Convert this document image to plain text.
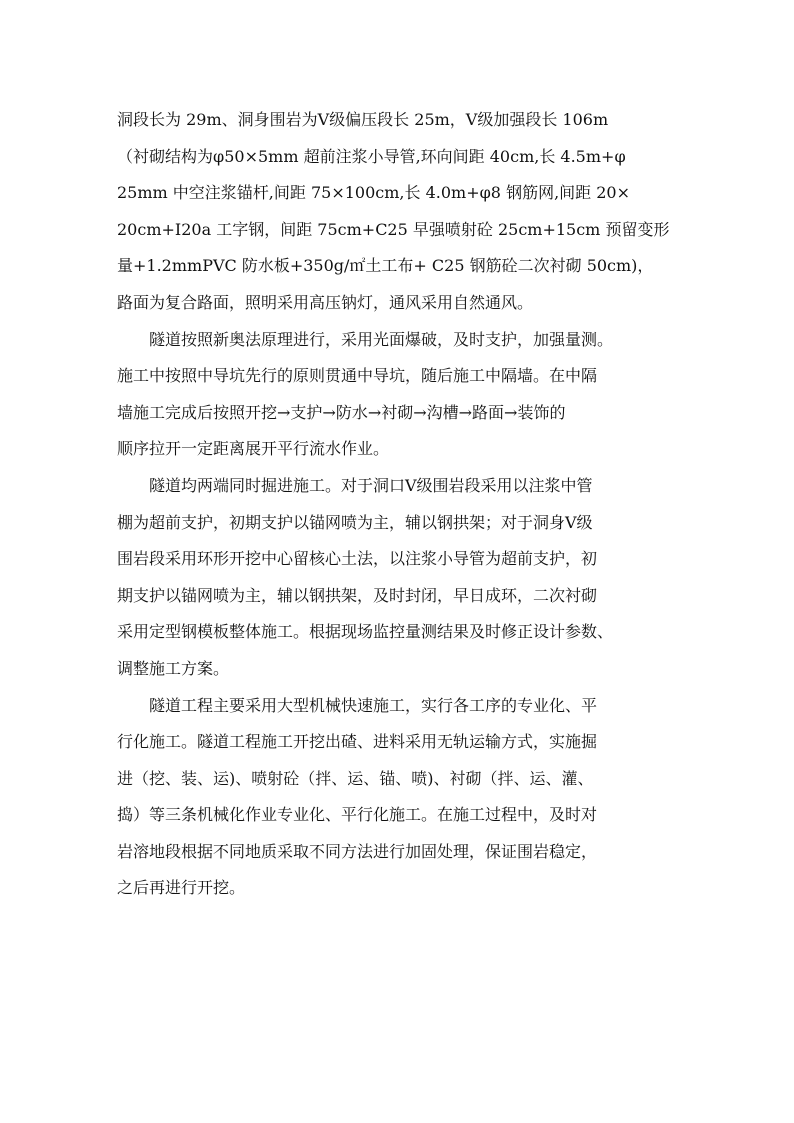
洞段长为 29m、洞身围岩为Ⅴ级偏压段长 25m，Ⅴ级加强段长 106m
（衬砌结构为φ50×5mm 超前注浆小导管,环向间距 40cm,长 4.5m+φ
25mm 中空注浆锚杆,间距 75×100cm,长 4.0m+φ8 钢筋网,间距 20×
20cm+I20a 工字钢，间距 75cm+C25 早强喷射砼 25cm+15cm 预留变形
量+1.2mmPVC 防水板+350g/㎡土工布+ C25 钢筋砼二次衬砌 50cm)，
路面为复合路面，照明采用高压钠灯，通风采用自然通风。
隧道按照新奥法原理进行，采用光面爆破，及时支护，加强量测。
施工中按照中导坑先行的原则贯通中导坑，随后施工中隔墙。在中隔
墙施工完成后按照开挖→支护→防水→衬砌→沟槽→路面→装饰的
顺序拉开一定距离展开平行流水作业。
隧道均两端同时掘进施工。对于洞口Ⅴ级围岩段采用以注浆中管
棚为超前支护，初期支护以锚网喷为主，辅以钢拱架；对于洞身Ⅴ级
围岩段采用环形开挖中心留核心土法，以注浆小导管为超前支护，初
期支护以锚网喷为主，辅以钢拱架，及时封闭，早日成环，二次衬砌
采用定型钢模板整体施工。根据现场监控量测结果及时修正设计参数、
调整施工方案。
隧道工程主要采用大型机械快速施工，实行各工序的专业化、平
行化施工。隧道工程施工开挖出碴、进料采用无轨运输方式，实施掘
进（挖、装、运)、喷射砼（拌、运、锚、喷)、衬砌（拌、运、灌、
捣）等三条机械化作业专业化、平行化施工。在施工过程中，及时对
岩溶地段根据不同地质采取不同方法进行加固处理，保证围岩稳定，
之后再进行开挖。
